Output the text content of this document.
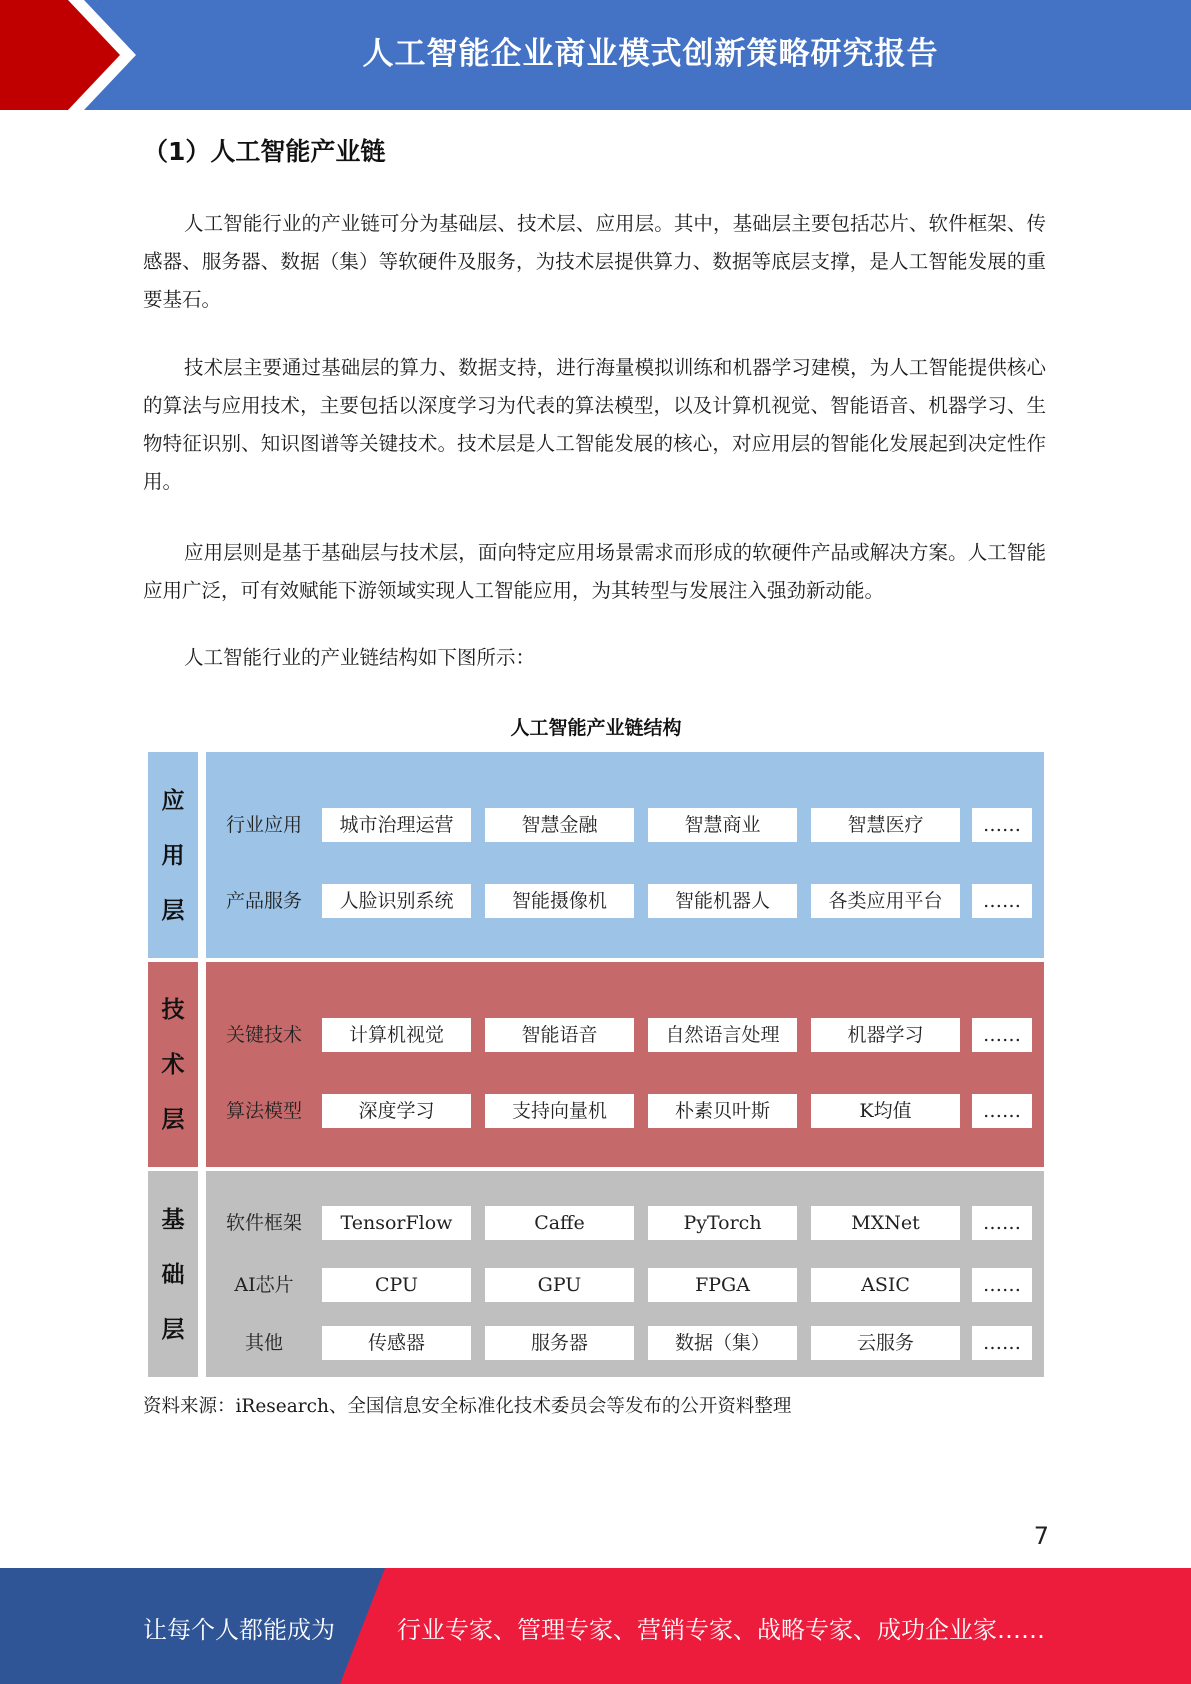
人工智能企业商业模式创新策略研究报告
（1）人工智能产业链

人工智能行业的产业链可分为基础层、技术层、应用层。其中，基础层主要包括芯片、软件框架、传感器、服务器、数据（集）等软硬件及服务，为技术层提供算力、数据等底层支撑，是人工智能发展的重要基石。

技术层主要通过基础层的算力、数据支持，进行海量模拟训练和机器学习建模，为人工智能提供核心的算法与应用技术，主要包括以深度学习为代表的算法模型，以及计算机视觉、智能语音、机器学习、生物特征识别、知识图谱等关键技术。技术层是人工智能发展的核心，对应用层的智能化发展起到决定性作用。

应用层则是基于基础层与技术层，面向特定应用场景需求而形成的软硬件产品或解决方案。人工智能应用广泛，可有效赋能下游领域实现人工智能应用，为其转型与发展注入强劲新动能。

人工智能行业的产业链结构如下图所示：

人工智能产业链结构
应
用
层
行业应用	城市治理运营	智慧金融	智慧商业	智慧医疗	……
产品服务	人脸识别系统	智能摄像机	智能机器人	各类应用平台	……
技
术
层
关键技术	计算机视觉	智能语音	自然语言处理	机器学习	……
算法模型	深度学习	支持向量机	朴素贝叶斯	K均值	……
基
础
层
软件框架	TensorFlow	Caffe	PyTorch	MXNet	……
AI芯片	CPU	GPU	FPGA	ASIC	……
其他	传感器	服务器	数据（集）	云服务	……
资料来源：iResearch、全国信息安全标准化技术委员会等发布的公开资料整理
7
让每个人都能成为	行业专家、管理专家、营销专家、战略专家、成功企业家……
